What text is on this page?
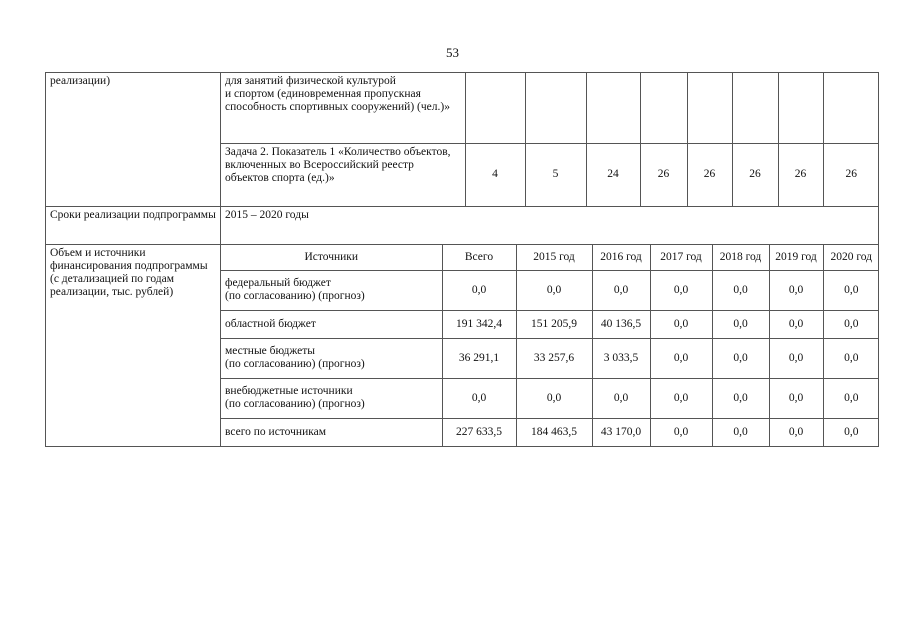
53
реализации)		для занятий физической культурой
и спортом (единовременная пропускная способность спортивных сооружений) (чел.)»								
Задача 2. Показатель 1 «Количество объектов, включенных во Всероссийский реестр объектов спорта (ед.)»	4	5	24	26	26	26	26	26

Сроки реализации подпрограммы	2015 – 2020 годы
Объем и источники финансирования подпрограммы
(с детализацией по годам реализации, тыс. рублей)	
Источники	Всего	2015 год	2016 год	2017 год	2018 год	2019 год	2020 год
федеральный бюджет
(по согласованию) (прогноз)	0,0	0,0	0,0	0,0	0,0	0,0	0,0
областной бюджет	191 342,4	151 205,9	40 136,5	0,0	0,0	0,0	0,0
местные бюджеты
(по согласованию) (прогноз)	36 291,1	33 257,6	3 033,5	0,0	0,0	0,0	0,0
внебюджетные источники
(по согласованию) (прогноз)	0,0	0,0	0,0	0,0	0,0	0,0	0,0
всего по источникам	227 633,5	184 463,5	43 170,0	0,0	0,0	0,0	0,0
